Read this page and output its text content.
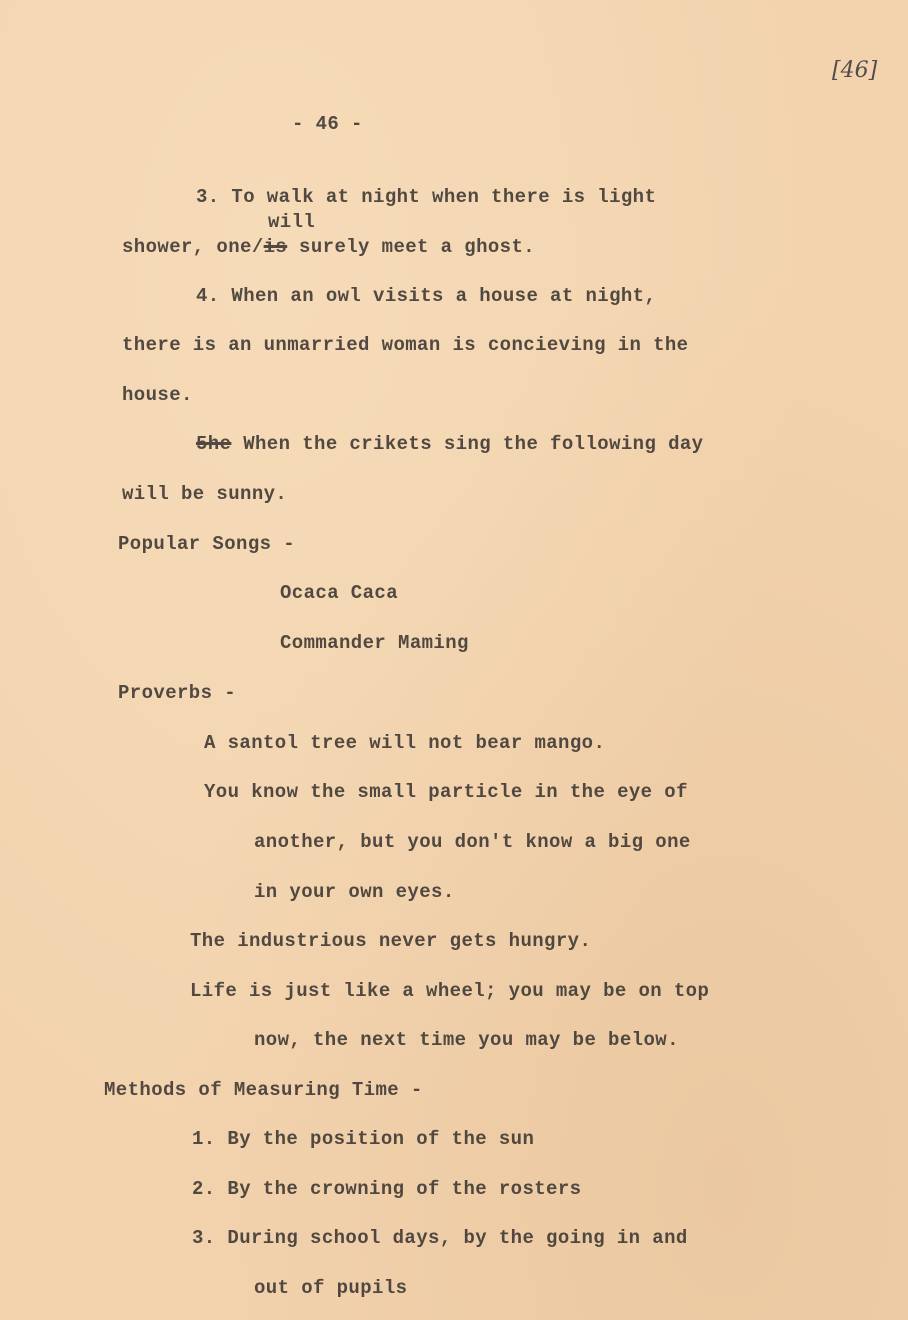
[46]
- 46 -
3. To walk at night when there is light
will
shower, one/is surely meet a ghost.
4. When an owl visits a house at night,
there is an unmarried woman is concieving in the
house.
5he When the crikets sing the following day
will be sunny.
Popular Songs -
Ocaca Caca
Commander Maming
Proverbs -
A santol tree will not bear mango.
You know the small particle in the eye of
another, but you don't know a big one
in your own eyes.
The industrious never gets hungry.
Life is just like a wheel; you may be on top
now, the next time you may be below.
Methods of Measuring Time -
1. By the position of the sun
2. By the crowning of the rosters
3. During school days, by the going in and
out of pupils
